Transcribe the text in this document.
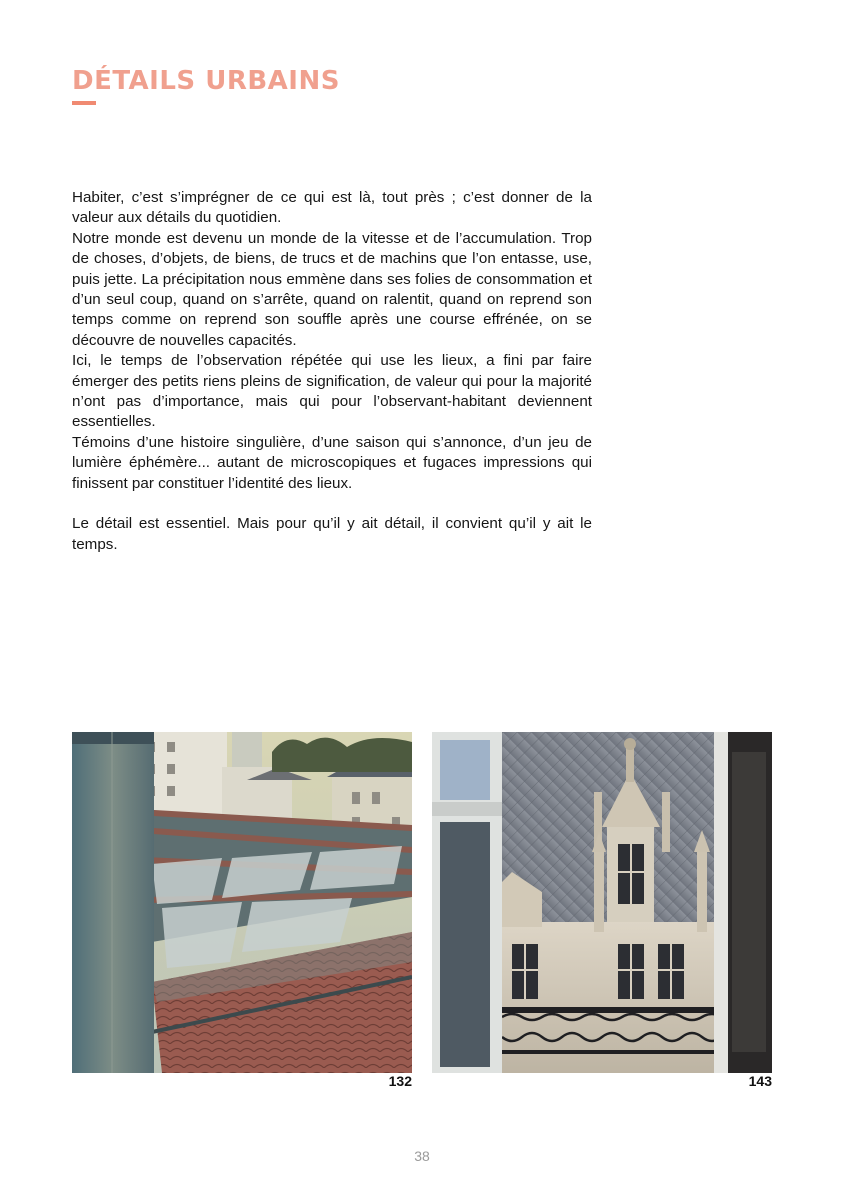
DÉTAILS URBAINS

Habiter, c’est s’imprégner de ce qui est là, tout près ; c’est donner de la valeur aux détails du quotidien.

Notre monde est devenu un monde de la vitesse et de l’accumulation. Trop de choses, d’objets, de biens, de trucs et de machins que l’on entasse, use, puis jette. La précipitation nous emmène dans ses folies de consommation et d’un seul coup, quand on s’arrête, quand on ralentit, quand on reprend son temps comme on reprend son souffle après une course effrénée, on se découvre de nouvelles capacités.

Ici, le temps de l’observation répétée qui use les lieux, a fini par faire émerger des petits riens pleins de signification, de valeur qui pour la majorité n’ont pas d’importance, mais qui pour l’observant-habitant deviennent essentielles.

Témoins d’une histoire singulière, d’une saison qui s’annonce, d’un jeu de lumière éphémère... autant de microscopiques et fugaces impressions qui finissent par constituer l’identité des lieux.

Le détail est essentiel. Mais pour qu’il y ait détail, il convient qu’il y ait le temps.

132	143
38
